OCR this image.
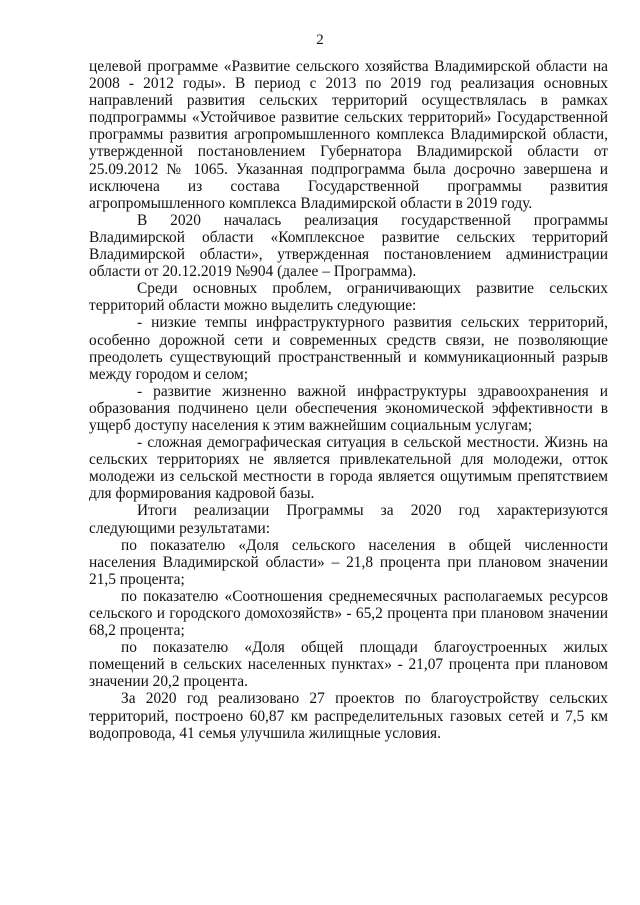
2

целевой программе «Развитие сельского хозяйства Владимирской области на 2008 - 2012 годы». В период с 2013 по 2019 год реализация основных направлений развития сельских территорий осуществлялась в рамках подпрограммы «Устойчивое развитие сельских территорий» Государственной программы развития агропромышленного комплекса Владимирской области, утвержденной постановлением Губернатора Владимирской области от 25.09.2012 № 1065. Указанная подпрограмма была досрочно завершена и исключена из состава Государственной программы развития агропромышленного комплекса Владимирской области в 2019 году.

В 2020 началась реализация государственной программы Владимирской области «Комплексное развитие сельских территорий Владимирской области», утвержденная постановлением администрации области от 20.12.2019 №904 (далее – Программа).

Среди основных проблем, ограничивающих развитие сельских территорий области можно выделить следующие:

- низкие темпы инфраструктурного развития сельских территорий, особенно дорожной сети и современных средств связи, не позволяющие преодолеть существующий пространственный и коммуникационный разрыв между городом и селом;

- развитие жизненно важной инфраструктуры здравоохранения и образования подчинено цели обеспечения экономической эффективности в ущерб доступу населения к этим важнейшим социальным услугам;

- сложная демографическая ситуация в сельской местности. Жизнь на сельских территориях не является привлекательной для молодежи, отток молодежи из сельской местности в города является ощутимым препятствием для формирования кадровой базы.

Итоги реализации Программы за 2020 год характеризуются следующими результатами:

по показателю «Доля сельского населения в общей численности населения Владимирской области» – 21,8 процента при плановом значении 21,5 процента;

по показателю «Соотношения среднемесячных располагаемых ресурсов сельского и городского домохозяйств» - 65,2 процента при плановом значении 68,2 процента;

по показателю «Доля общей площади благоустроенных жилых помещений в сельских населенных пунктах» - 21,07 процента при плановом значении 20,2 процента.

За 2020 год реализовано 27 проектов по благоустройству сельских территорий, построено 60,87 км распределительных газовых сетей и 7,5 км водопровода, 41 семья улучшила жилищные условия.
